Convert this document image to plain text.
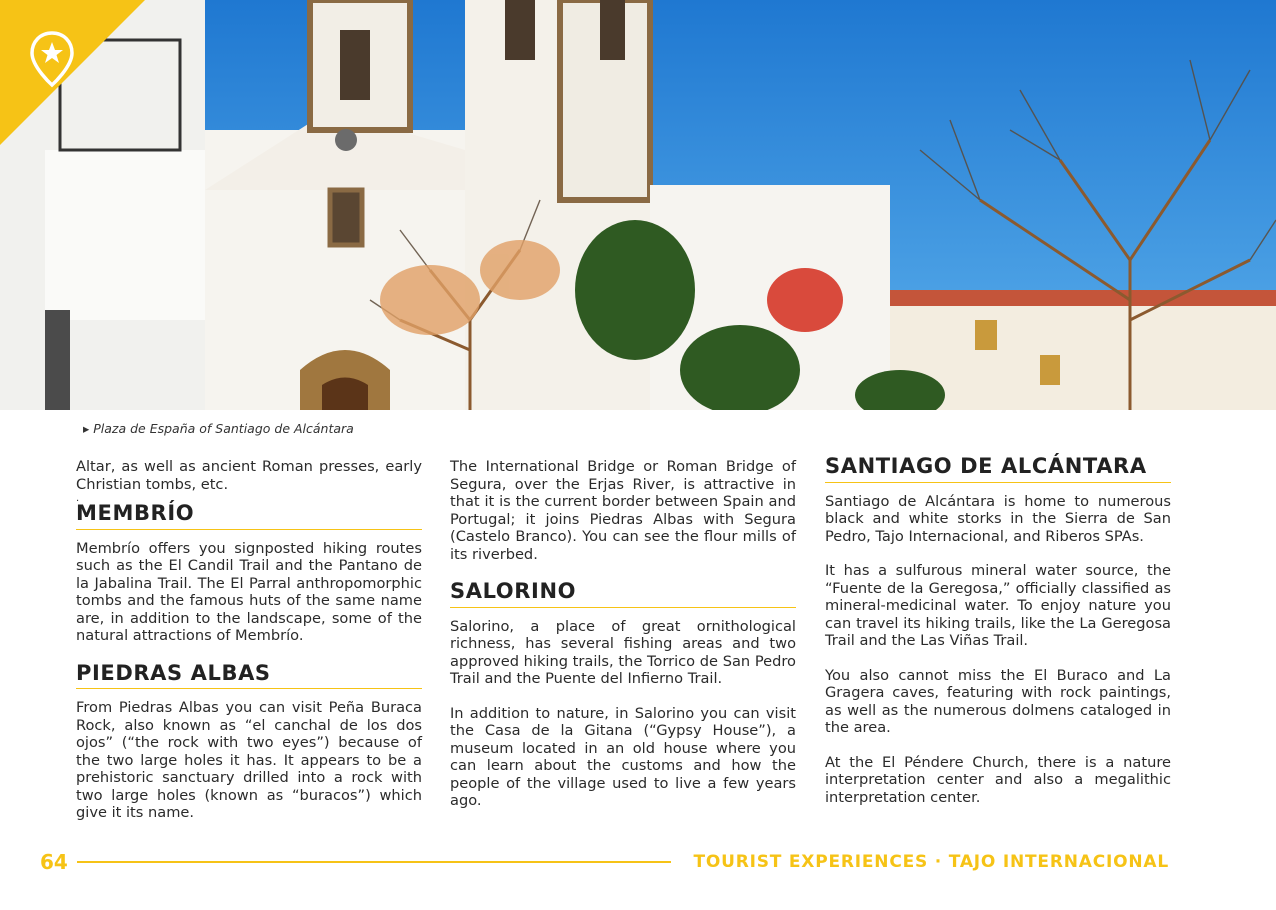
▸ Plaza de España of Santiago de Alcántara

Altar, as well as ancient Roman presses, early Christian tombs, etc.

.
MEMBRÍO

Membrío offers you signposted hiking routes such as the El Candil Trail and the Pantano de la Jabalina Trail. The El Parral anthropomorphic tombs and the famous huts of the same name are, in addition to the landscape, some of the natural attractions of Membrío.

PIEDRAS ALBAS

From Piedras Albas you can visit Peña Buraca Rock, also known as “el canchal de los dos ojos” (“the rock with two eyes”) because of the two large holes it has. It appears to be a prehistoric sanctuary drilled into a rock with two large holes (known as “buracos”) which give it its name.

The International Bridge or Roman Bridge of Segura, over the Erjas River, is attractive in that it is the current border between Spain and Portugal; it joins Piedras Albas with Segura (Castelo Branco). You can see the flour mills of its riverbed.

SALORINO

Salorino, a place of great ornithological richness, has several fishing areas and two approved hiking trails, the Torrico de San Pedro Trail and the Puente del Infierno Trail.

In addition to nature, in Salorino you can visit the Casa de la Gitana (“Gypsy House”), a museum located in an old house where you can learn about the customs and how the people of the village used to live a few years ago.

SANTIAGO DE ALCÁNTARA

Santiago de Alcántara is home to numerous black and white storks in the Sierra de San Pedro, Tajo Internacional, and Riberos SPAs.

It has a sulfurous mineral water source, the “Fuente de la Geregosa,” officially classified as mineral-medicinal water. To enjoy nature you can travel its hiking trails, like the La Geregosa Trail and the Las Viñas Trail.

You also cannot miss the El Buraco and La Gragera caves, featuring with rock paintings, as well as the numerous dolmens cataloged in the area.

At the El Péndere Church, there is a nature interpretation center and also a megalithic interpretation center.

64	TOURIST EXPERIENCES · TAJO INTERNACIONAL
